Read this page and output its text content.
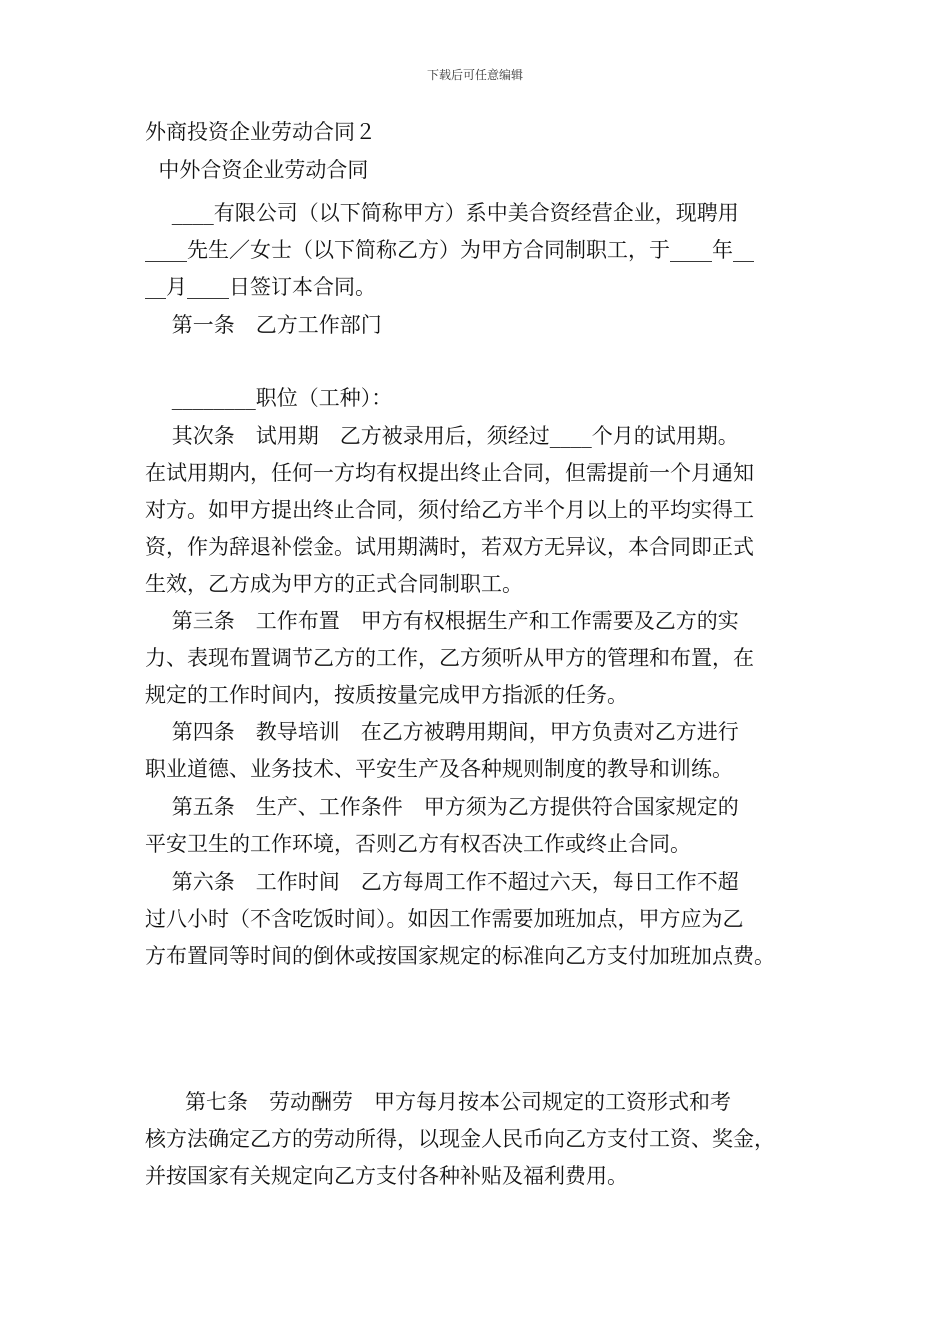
下载后可任意编辑
外商投资企业劳动合同２
中外合资企业劳动合同
____有限公司（以下简称甲方）系中美合资经营企业，现聘用
____先生／女士（以下简称乙方）为甲方合同制职工，于____年__
__月____日签订本合同。
第一条　乙方工作部门
________职位（工种）：
其次条　试用期　乙方被录用后，须经过____个月的试用期。
在试用期内，任何一方均有权提出终止合同，但需提前一个月通知
对方。如甲方提出终止合同，须付给乙方半个月以上的平均实得工
资，作为辞退补偿金。试用期满时，若双方无异议，本合同即正式
生效，乙方成为甲方的正式合同制职工。
第三条　工作布置　甲方有权根据生产和工作需要及乙方的实
力、表现布置调节乙方的工作，乙方须听从甲方的管理和布置，在
规定的工作时间内，按质按量完成甲方指派的任务。
第四条　教导培训　在乙方被聘用期间，甲方负责对乙方进行
职业道德、业务技术、平安生产及各种规则制度的教导和训练。
第五条　生产、工作条件　甲方须为乙方提供符合国家规定的
平安卫生的工作环境，否则乙方有权否决工作或终止合同。
第六条　工作时间　乙方每周工作不超过六天，每日工作不超
过八小时（不含吃饭时间）。如因工作需要加班加点，甲方应为乙
方布置同等时间的倒休或按国家规定的标准向乙方支付加班加点费。
第七条　劳动酬劳　甲方每月按本公司规定的工资形式和考
核方法确定乙方的劳动所得，以现金人民币向乙方支付工资、奖金，
并按国家有关规定向乙方支付各种补贴及福利费用。
